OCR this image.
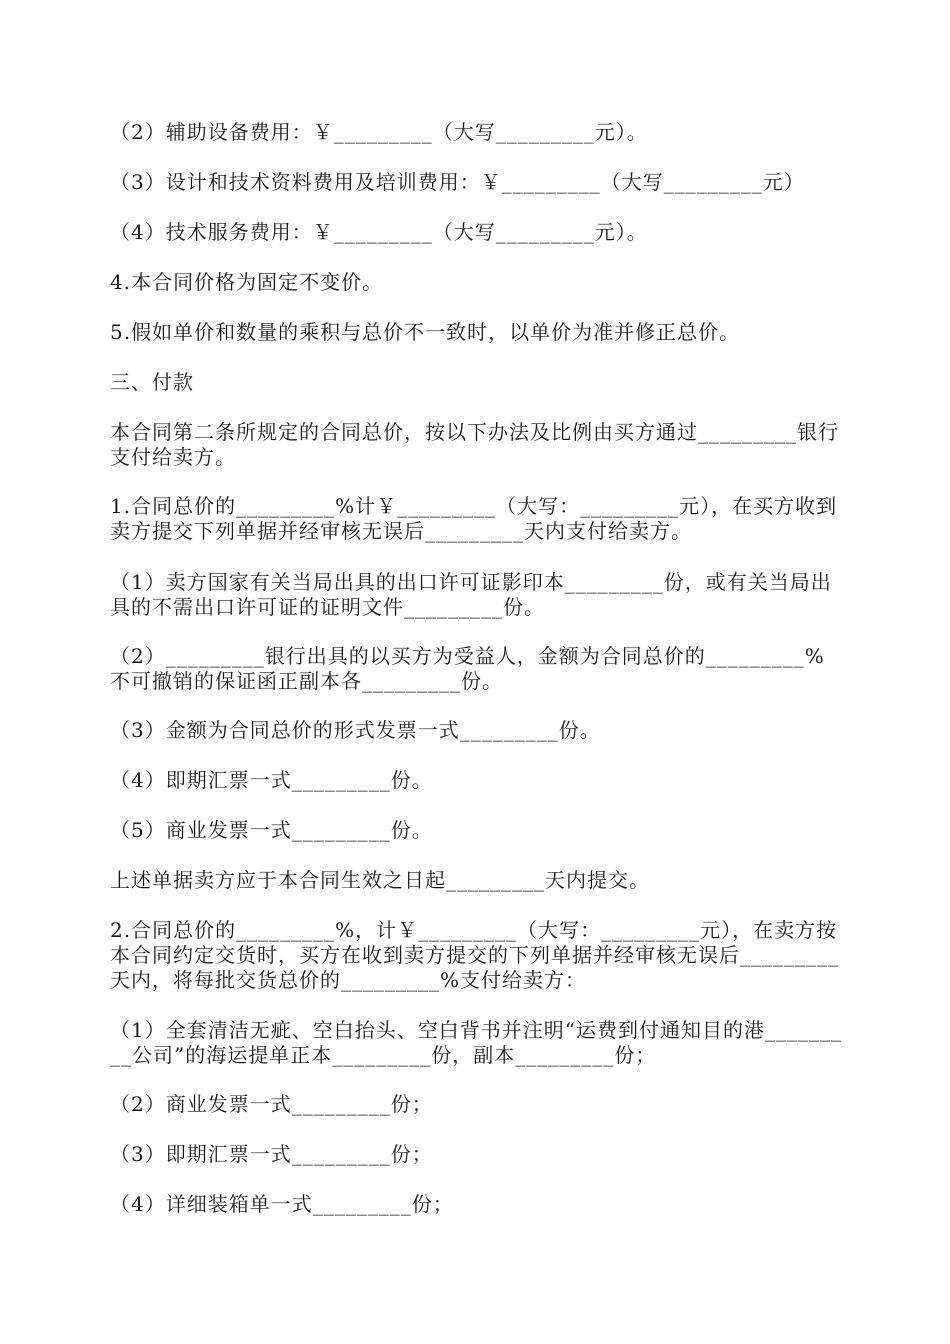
（2）辅助设备费用：￥_________（大写_________元）。

（3）设计和技术资料费用及培训费用：￥_________（大写_________元）

（4）技术服务费用：￥_________（大写_________元）。

4.本合同价格为固定不变价。

5.假如单价和数量的乘积与总价不一致时，以单价为准并修正总价。

三、付款

本合同第二条所规定的合同总价，按以下办法及比例由买方通过_________银行支付给卖方。

1.合同总价的_________%计￥_________（大写：_________元），在买方收到卖方提交下列单据并经审核无误后_________天内支付给卖方。

（1）卖方国家有关当局出具的出口许可证影印本_________份，或有关当局出具的不需出口许可证的证明文件_________份。

（2）_________银行出具的以买方为受益人，金额为合同总价的_________%不可撤销的保证函正副本各_________份。

（3）金额为合同总价的形式发票一式_________份。

（4）即期汇票一式_________份。

（5）商业发票一式_________份。

上述单据卖方应于本合同生效之日起_________天内提交。

2.合同总价的_________%，计￥_________（大写：_________元），在卖方按本合同约定交货时，买方在收到卖方提交的下列单据并经审核无误后_________天内，将每批交货总价的_________%支付给卖方：

（1）全套清洁无疵、空白抬头、空白背书并注明“运费到付通知目的港_________公司”的海运提单正本_________份，副本_________份；

（2）商业发票一式_________份；

（3）即期汇票一式_________份；

（4）详细装箱单一式_________份；
